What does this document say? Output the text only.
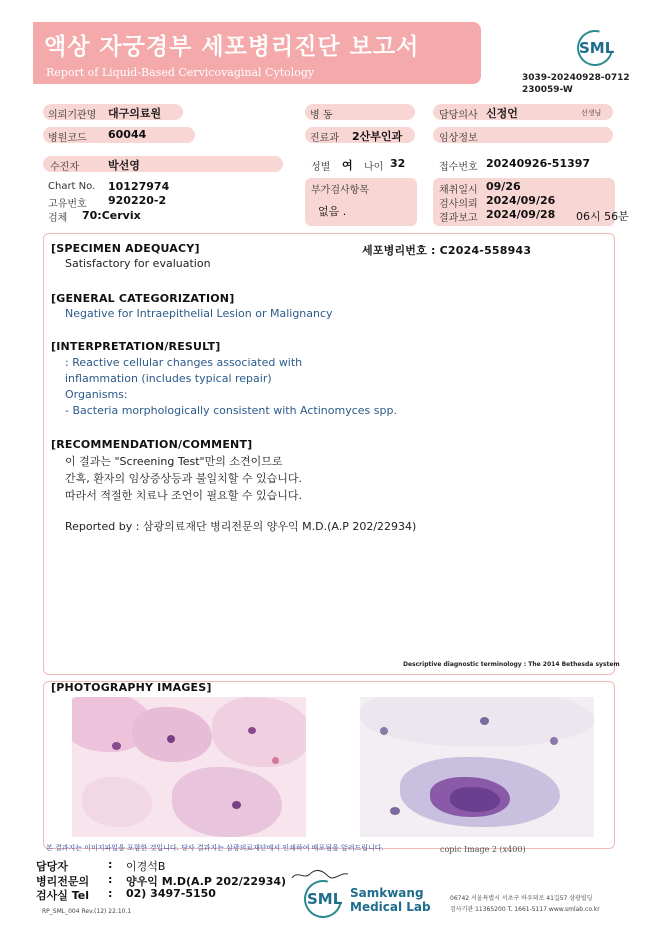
액상 자궁경부 세포병리진단 보고서
Report of Liquid-Based Cervicovaginal Cytology
SML
3039-20240928-0712
230059-W
의뢰기관명 대구의료원	병 동	담당의사 신정언	선생님
병원코드 60044	진료과 2산부인과	임상정보
수진자	박선영	성별 여 나이 32	접수번호 20240926-51397
Chart No. 10127974
고유번호 920220-2
검체 70:Cervix
부가검사항목
없음 .
채취일시 09/26
검사의뢰 2024/09/26
결과보고 2024/09/28 06시 56분
[SPECIMEN ADEQUACY]	세포병리번호 : C2024-558943
Satisfactory for evaluation
[GENERAL CATEGORIZATION]
Negative for Intraepithelial Lesion or Malignancy
[INTERPRETATION/RESULT]
: Reactive cellular changes associated with
inflammation (includes typical repair)
Organisms:
- Bacteria morphologically consistent with Actinomyces spp.
[RECOMMENDATION/COMMENT]
이 결과는 "Screening Test"만의 소견이므로
간혹, 환자의 임상증상등과 불일치할 수 있습니다.
따라서 적절한 치료나 조언이 필요할 수 있습니다.
Reported by : 삼광의료재단 병리전문의 양우익 M.D.(A.P 202/22934)
Descriptive diagnostic terminology : The 2014 Bethesda system
[PHOTOGRAPHY IMAGES]
본 결과지는 이미지파일을 포함한 것입니다. 당사 결과지는 삼광의료재단에서 인쇄하여 배포됨을 알려드립니다.	copic Image 2 (x400)
담당자	: 이경석B
병리전문의 : 양우익 M.D(A.P 202/22934)
검사실 Tel : 02) 3497-5150	SML Samkwang
Medical Lab
06742 서울특별시 서초구 바우뫼로 41길57 삼광빌딩
검사기관 11365200 T. 1661-5117 www.smlab.co.kr
RP_SML_004 Rev.(12) 22.10.1
